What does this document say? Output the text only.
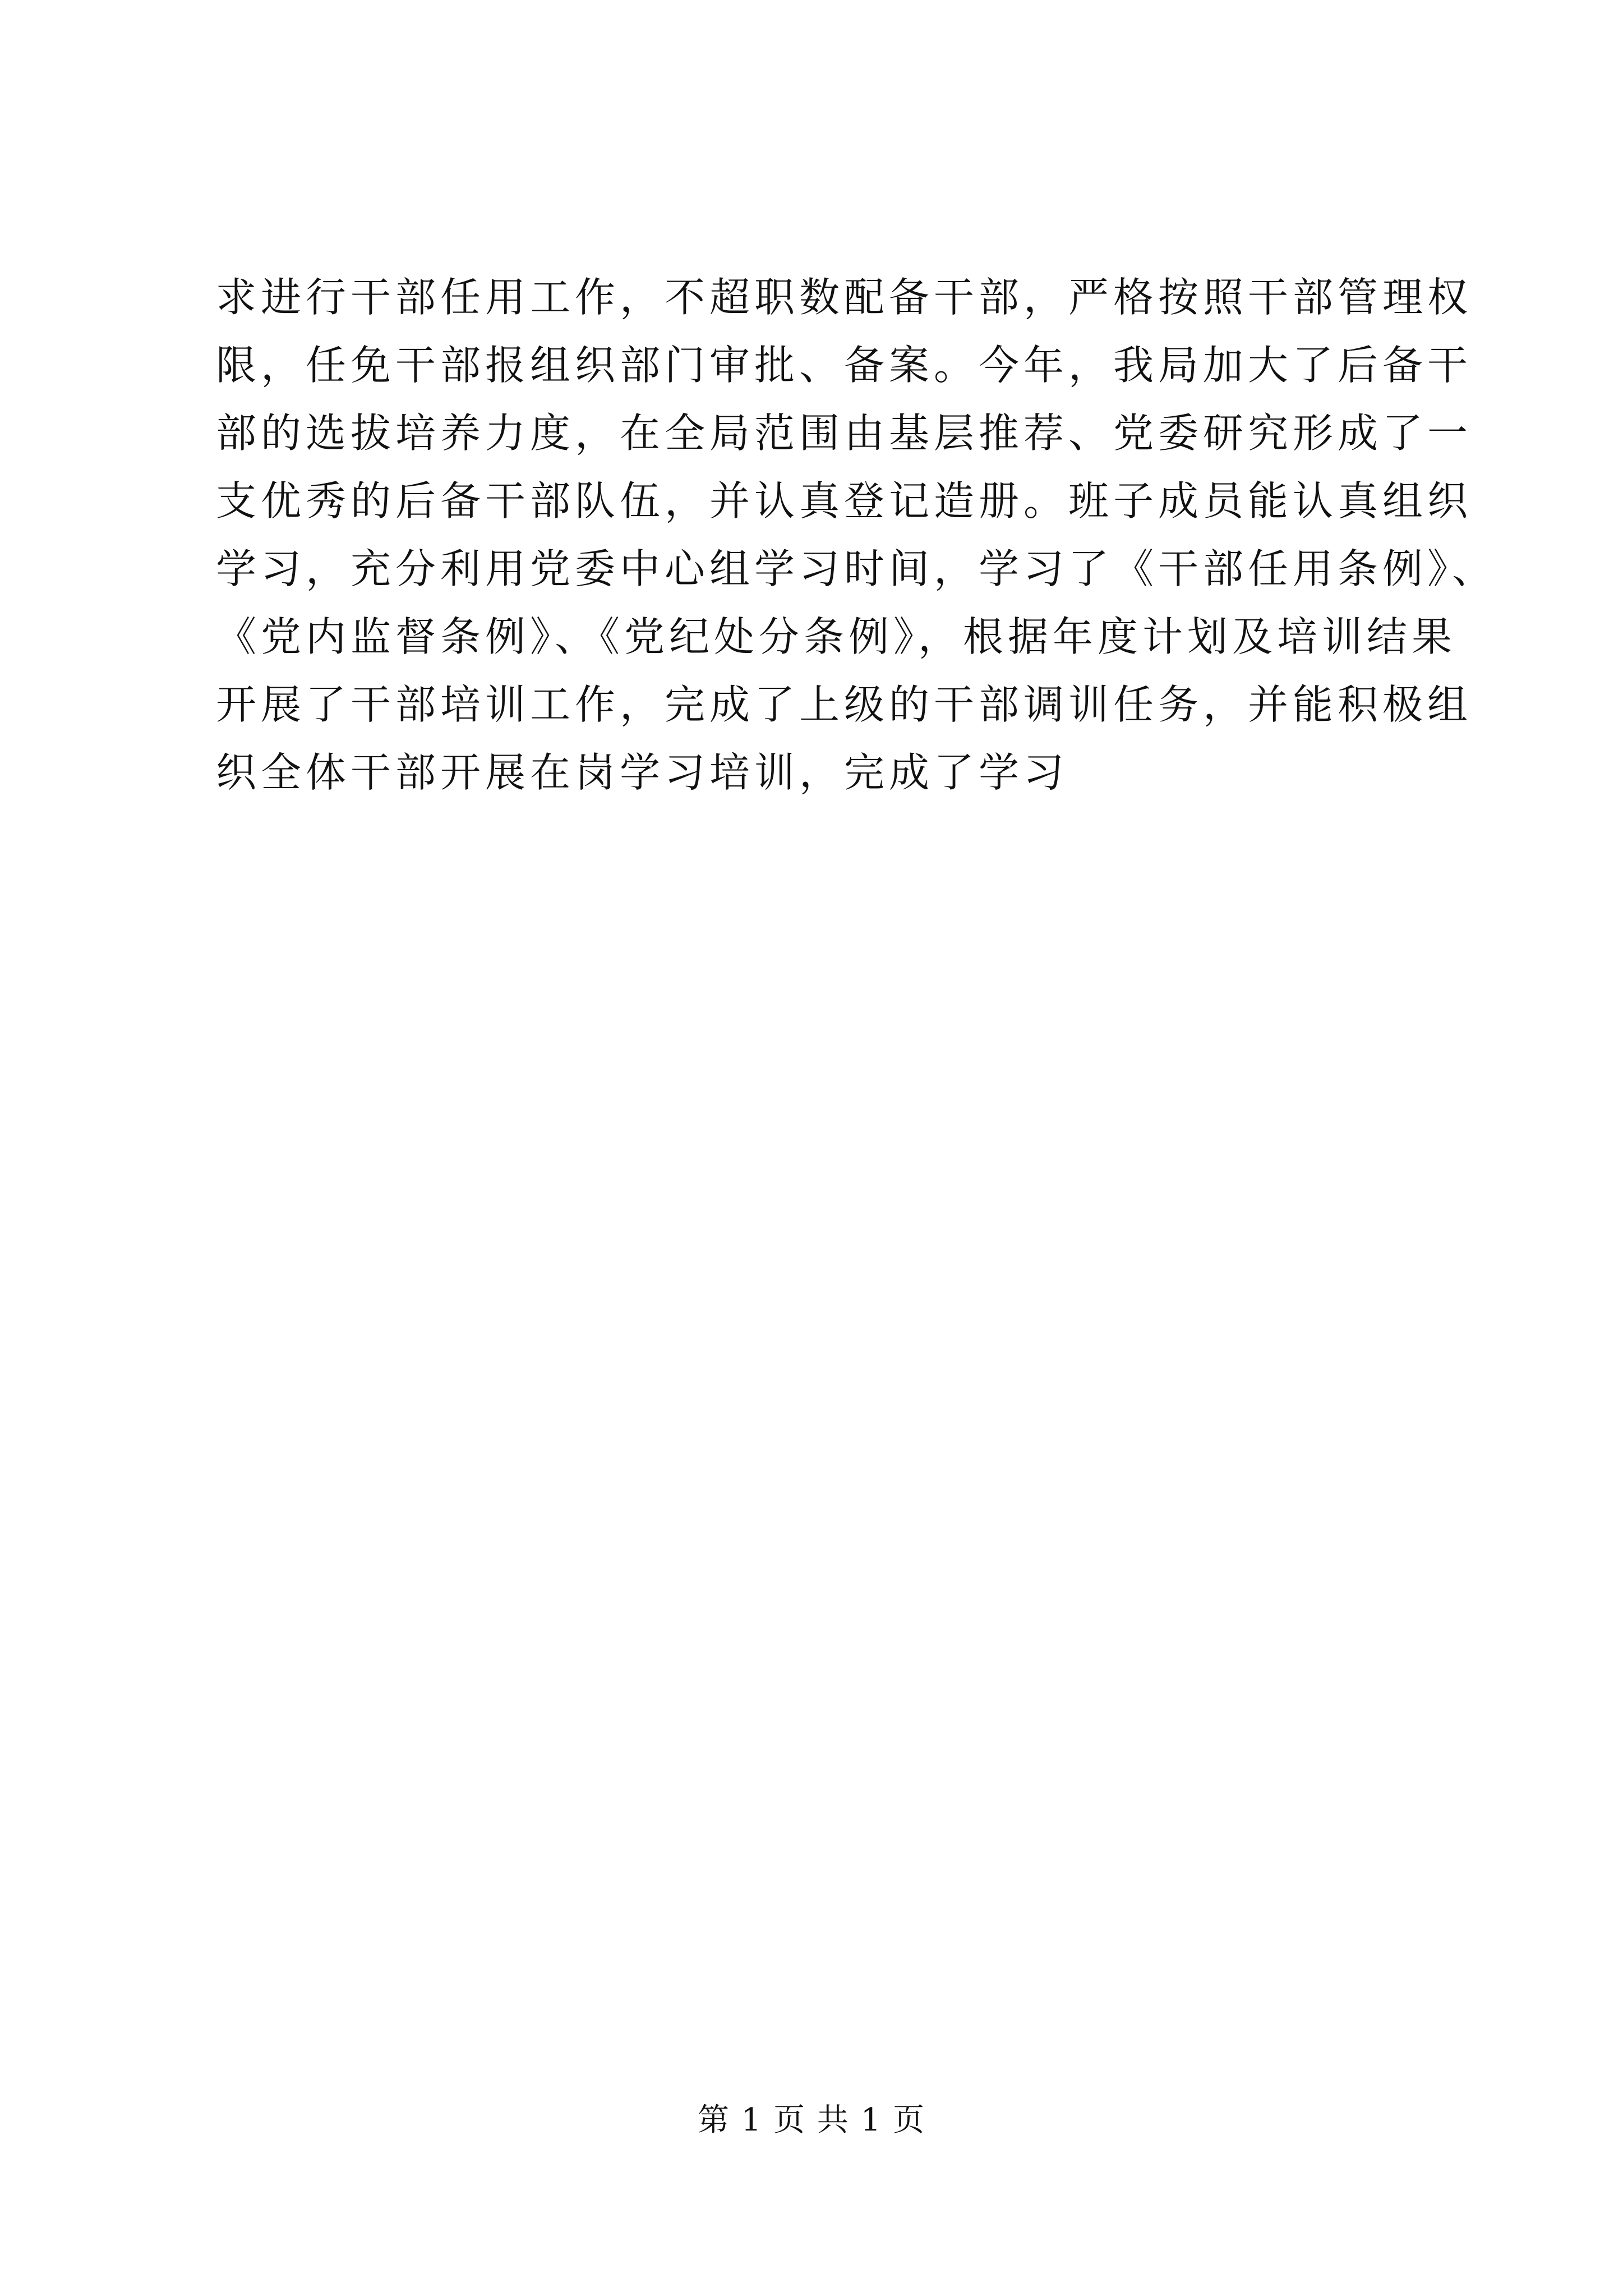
求进行干部任用工作，不超职数配备干部，严格按照干部管理权
限，任免干部报组织部门审批、备案。今年，我局加大了后备干
部的选拔培养力度，在全局范围由基层推荐、党委研究形成了一
支优秀的后备干部队伍，并认真登记造册。班子成员能认真组织
学习，充分利用党委中心组学习时间，学习了《干部任用条例》、
《党内监督条例》、《党纪处分条例》，根据年度计划及培训结果
开展了干部培训工作，完成了上级的干部调训任务，并能积极组
织全体干部开展在岗学习培训，完成了学习
第 1 页 共 1 页
